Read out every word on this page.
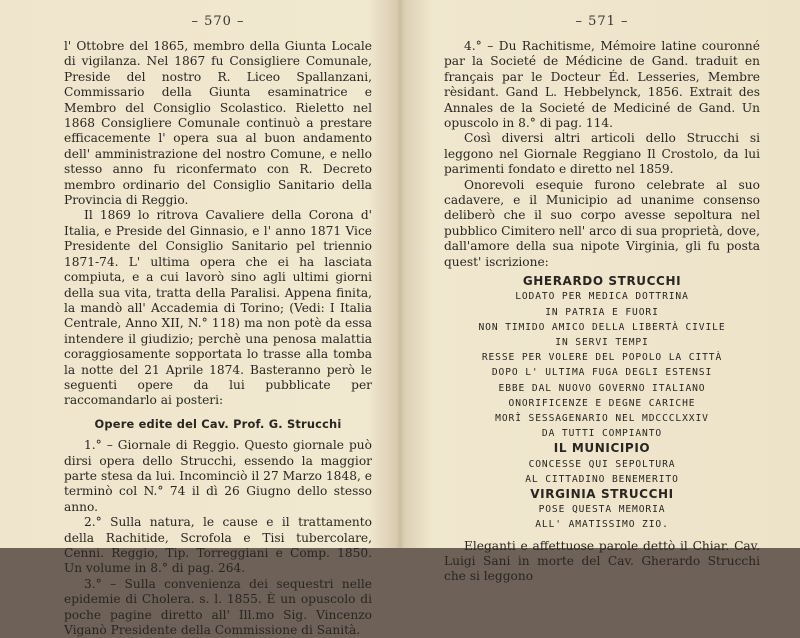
– 570 –

l' Ottobre del 1865, membro della Giunta Locale di vigilanza. Nel 1867 fu Consigliere Comunale, Preside del nostro R. Liceo Spallanzani, Commissario della Giunta esaminatrice e Membro del Consiglio Scolastico. Rieletto nel 1868 Consigliere Comunale continuò a prestare efficacemente l' opera sua al buon andamento dell' amministrazione del nostro Comune, e nello stesso anno fu riconfermato con R. Decreto membro ordinario del Consiglio Sanitario della Provincia di Reggio.

Il 1869 lo ritrova Cavaliere della Corona d' Italia, e Preside del Ginnasio, e l' anno 1871 Vice Presidente del Consiglio Sanitario pel triennio 1871-74. L' ultima opera che ei ha lasciata compiuta, e a cui lavorò sino agli ultimi giorni della sua vita, tratta della Paralisi. Appena finita, la mandò all' Accademia di Torino; (Vedi: I Italia Centrale, Anno XII, N.° 118) ma non potè da essa intendere il giudizio; perchè una penosa malattia coraggiosamente sopportata lo trasse alla tomba la notte del 21 Aprile 1874. Basteranno però le seguenti opere da lui pubblicate per raccomandarlo ai posteri:

Opere edite del Cav. Prof. G. Strucchi

1.° – Giornale di Reggio. Questo giornale può dirsi opera dello Strucchi, essendo la maggior parte stesa da lui. Incominciò il 27 Marzo 1848, e terminò col N.° 74 il dì 26 Giugno dello stesso anno.

2.° Sulla natura, le cause e il trattamento della Rachitide, Scrofola e Tisi tubercolare, Cenni. Reggio, Tip. Torreggiani e Comp. 1850. Un volume in 8.° di pag. 264.

3.° – Sulla convenienza dei sequestri nelle epidemie di Cholera. s. l. 1855. È un opuscolo di poche pagine diretto all' Ill.mo Sig. Vincenzo Viganò Presidente della Commissione di Sanità.

– 571 –

4.° – Du Rachitisme, Mémoire latine couronné par la Societé de Médicine de Gand. traduit en français par le Docteur Éd. Lesseries, Membre rèsidant. Gand L. Hebbelynck, 1856. Extrait des Annales de la Societé de Mediciné de Gand. Un opuscolo in 8.° di pag. 114.

Così diversi altri articoli dello Strucchi si leggono nel Giornale Reggiano Il Crostolo, da lui parimenti fondato e diretto nel 1859.

Onorevoli esequie furono celebrate al suo cadavere, e il Municipio ad unanime consenso deliberò che il suo corpo avesse sepoltura nel pubblico Cimitero nell' arco di sua proprietà, dove, dall'amore della sua nipote Virginia, gli fu posta quest' iscrizione:

GHERARDO STRUCCHI
LODATO PER MEDICA DOTTRINA
IN PATRIA E FUORI
NON TIMIDO AMICO DELLA LIBERTÀ CIVILE
IN SERVI TEMPI
RESSE PER VOLERE DEL POPOLO LA CITTÀ
DOPO L' ULTIMA FUGA DEGLI ESTENSI
EBBE DAL NUOVO GOVERNO ITALIANO
ONORIFICENZE E DEGNE CARICHE
MORÌ SESSAGENARIO NEL MDCCCLXXIV
DA TUTTI COMPIANTO
IL MUNICIPIO
CONCESSE QUI SEPOLTURA
AL CITTADINO BENEMERITO
VIRGINIA STRUCCHI
POSE QUESTA MEMORIA
ALL' AMATISSIMO ZIO.

Eleganti e affettuose parole dettò il Chiar. Cav. Luigi Sani in morte del Cav. Gherardo Strucchi che si leggono
